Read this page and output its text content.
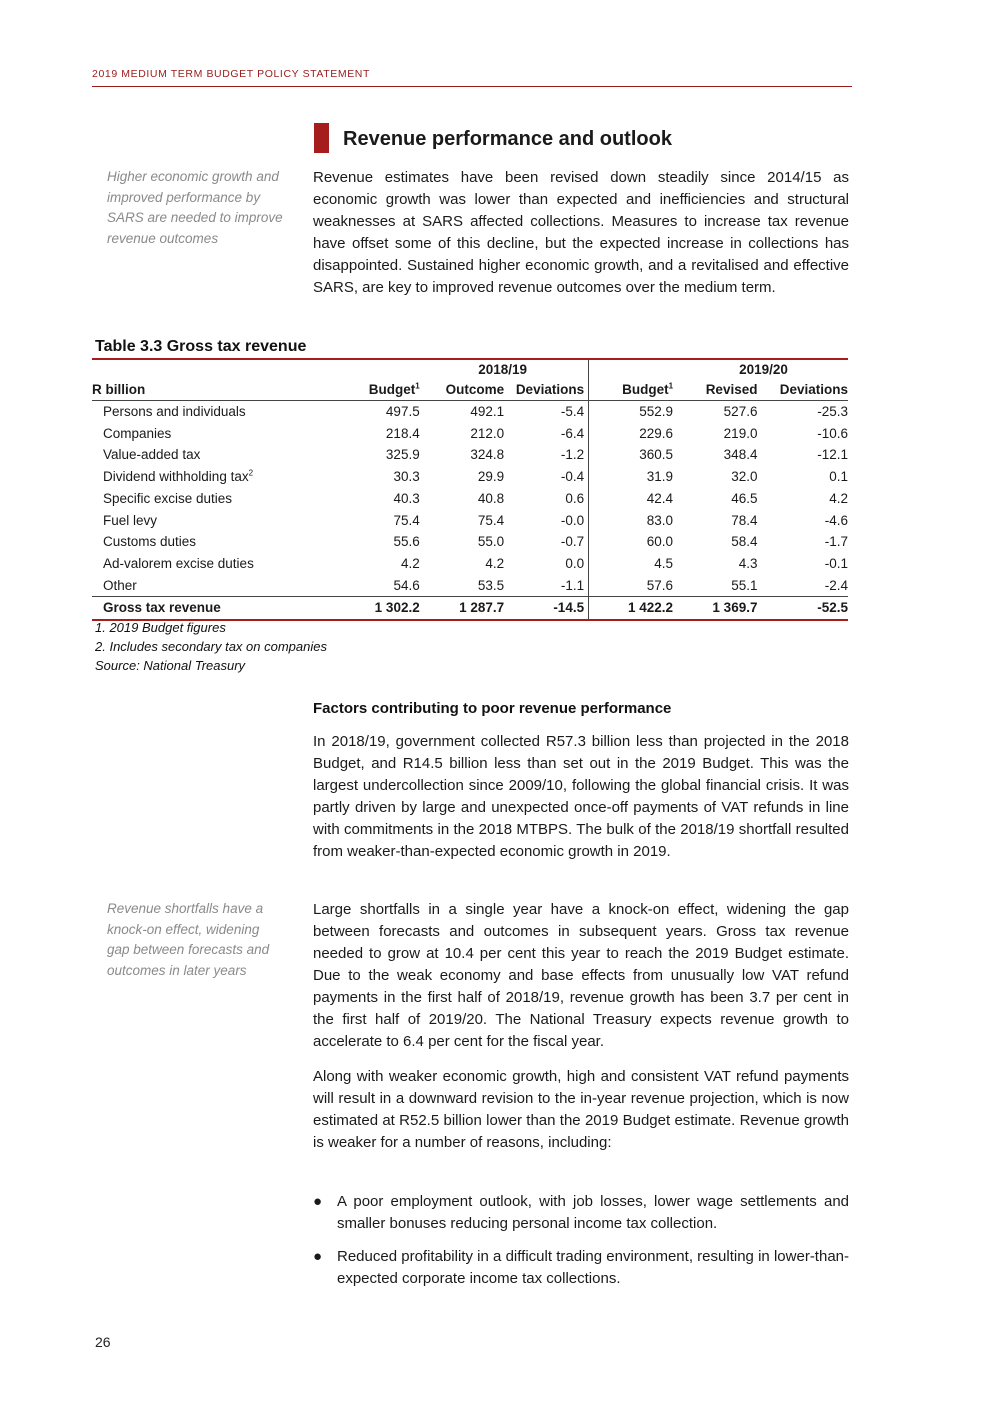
2019 MEDIUM TERM BUDGET POLICY STATEMENT
Revenue performance and outlook
Higher economic growth and improved performance by SARS are needed to improve revenue outcomes
Revenue estimates have been revised down steadily since 2014/15 as economic growth was lower than expected and inefficiencies and structural weaknesses at SARS affected collections. Measures to increase tax revenue have offset some of this decline, but the expected increase in collections has disappointed. Sustained higher economic growth, and a revitalised and effective SARS, are key to improved revenue outcomes over the medium term.
Table 3.3 Gross tax revenue
	2018/19			2019/20		
R billion	Budget$^1$	Outcome	Deviations	Budget$^1$	Revised	Deviations
Persons and individuals	497.5	492.1	-5.4	552.9	527.6	-25.3
Companies	218.4	212.0	-6.4	229.6	219.0	-10.6
Value-added tax	325.9	324.8	-1.2	360.5	348.4	-12.1
Dividend withholding tax$^2$	30.3	29.9	-0.4	31.9	32.0	0.1
Specific excise duties	40.3	40.8	0.6	42.4	46.5	4.2
Fuel levy	75.4	75.4	-0.0	83.0	78.4	-4.6
Customs duties	55.6	55.0	-0.7	60.0	58.4	-1.7
Ad-valorem excise duties	4.2	4.2	0.0	4.5	4.3	-0.1
Other	54.6	53.5	-1.1	57.6	55.1	-2.4
Gross tax revenue	1 302.2	1 287.7	-14.5	1 422.2	1 369.7	-52.5
1. 2019 Budget figures
2. Includes secondary tax on companies
Source: National Treasury
Factors contributing to poor revenue performance
In 2018/19, government collected R57.3 billion less than projected in the 2018 Budget, and R14.5 billion less than set out in the 2019 Budget. This was the largest undercollection since 2009/10, following the global financial crisis. It was partly driven by large and unexpected once-off payments of VAT refunds in line with commitments in the 2018 MTBPS. The bulk of the 2018/19 shortfall resulted from weaker-than-expected economic growth in 2019.
Revenue shortfalls have a knock-on effect, widening gap between forecasts and outcomes in later years
Large shortfalls in a single year have a knock-on effect, widening the gap between forecasts and outcomes in subsequent years. Gross tax revenue needed to grow at 10.4 per cent this year to reach the 2019 Budget estimate. Due to the weak economy and base effects from unusually low VAT refund payments in the first half of 2018/19, revenue growth has been 3.7 per cent in the first half of 2019/20. The National Treasury expects revenue growth to accelerate to 6.4 per cent for the fiscal year.
Along with weaker economic growth, high and consistent VAT refund payments will result in a downward revision to the in-year revenue projection, which is now estimated at R52.5 billion lower than the 2019 Budget estimate. Revenue growth is weaker for a number of reasons, including:
● A poor employment outlook, with job losses, lower wage settlements and smaller bonuses reducing personal income tax collection.
● Reduced profitability in a difficult trading environment, resulting in lower-than-expected corporate income tax collections.
26
